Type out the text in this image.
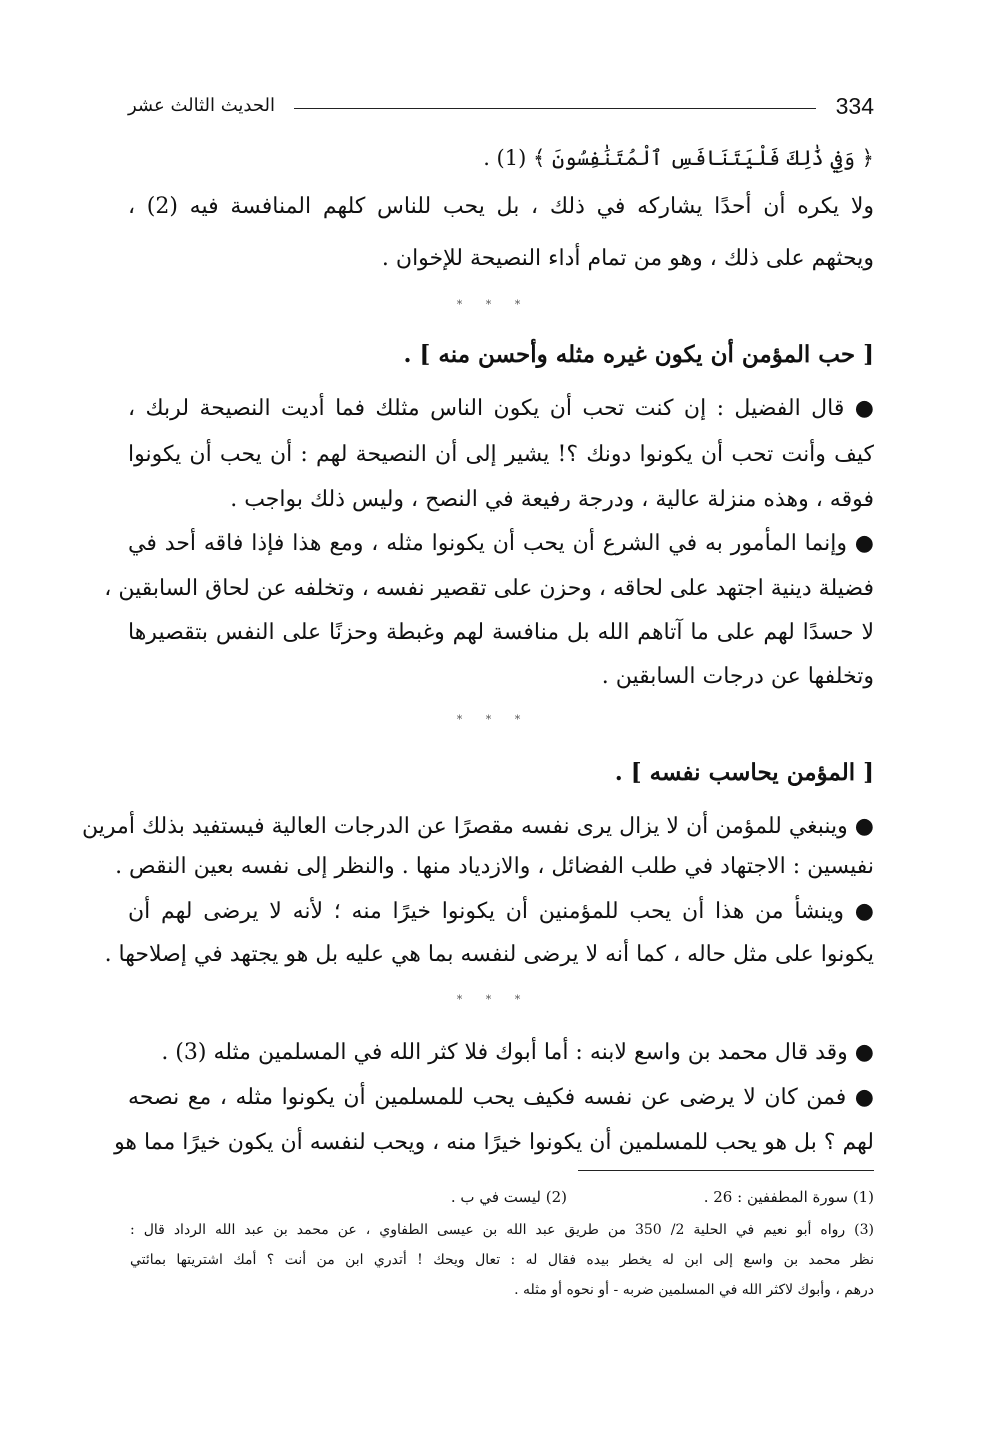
334
الحديث الثالث عشر
﴿ وَفِي ذَٰلِكَ فَلْيَتَنَافَسِ ٱلْمُتَنَٰفِسُونَ ﴾ (1) .
ولا يكره أن أحدًا يشاركه في ذلك ، بل يحب للناس كلهم المنافسة فيه (2) ،
ويحثهم على ذلك ، وهو من تمام أداء النصيحة للإخوان .
* * *
[ حب المؤمن أن يكون غيره مثله وأحسن منه ] .
● قال الفضيل : إن كنت تحب أن يكون الناس مثلك فما أديت النصيحة لربك ،
كيف وأنت تحب أن يكونوا دونك ؟! يشير إلى أن النصيحة لهم : أن يحب أن يكونوا
فوقه ، وهذه منزلة عالية ، ودرجة رفيعة في النصح ، وليس ذلك بواجب .
● وإنما المأمور به في الشرع أن يحب أن يكونوا مثله ، ومع هذا فإذا فاقه أحد في
فضيلة دينية اجتهد على لحاقه ، وحزن على تقصير نفسه ، وتخلفه عن لحاق السابقين ،
لا حسدًا لهم على ما آتاهم الله بل منافسة لهم وغبطة وحزنًا على النفس بتقصيرها
وتخلفها عن درجات السابقين .
* * *
[ المؤمن يحاسب نفسه ] .
● وينبغي للمؤمن أن لا يزال يرى نفسه مقصرًا عن الدرجات العالية فيستفيد بذلك أمرين
نفيسين : الاجتهاد في طلب الفضائل ، والازدياد منها . والنظر إلى نفسه بعين النقص .
● وينشأ من هذا أن يحب للمؤمنين أن يكونوا خيرًا منه ؛ لأنه لا يرضى لهم أن
يكونوا على مثل حاله ، كما أنه لا يرضى لنفسه بما هي عليه بل هو يجتهد في إصلاحها .
* * *
● وقد قال محمد بن واسع لابنه : أما أبوك فلا كثر الله في المسلمين مثله (3) .
● فمن كان لا يرضى عن نفسه فكيف يحب للمسلمين أن يكونوا مثله ، مع نصحه
لهم ؟ بل هو يحب للمسلمين أن يكونوا خيرًا منه ، ويحب لنفسه أن يكون خيرًا مما هو
(1) سورة المطففين : 26 .
(2) ليست في ب .
(3) رواه أبو نعيم في الحلية 2/ 350 من طريق عبد الله بن عيسى الطفاوي ، عن محمد بن عبد الله الرداد قال :
نظر محمد بن واسع إلى ابن له يخطر بيده فقال له : تعال ويحك ! أتدري ابن من أنت ؟ أمك اشتريتها بمائتي
درهم ، وأبوك لاكثر الله في المسلمين ضربه - أو نحوه أو مثله .
